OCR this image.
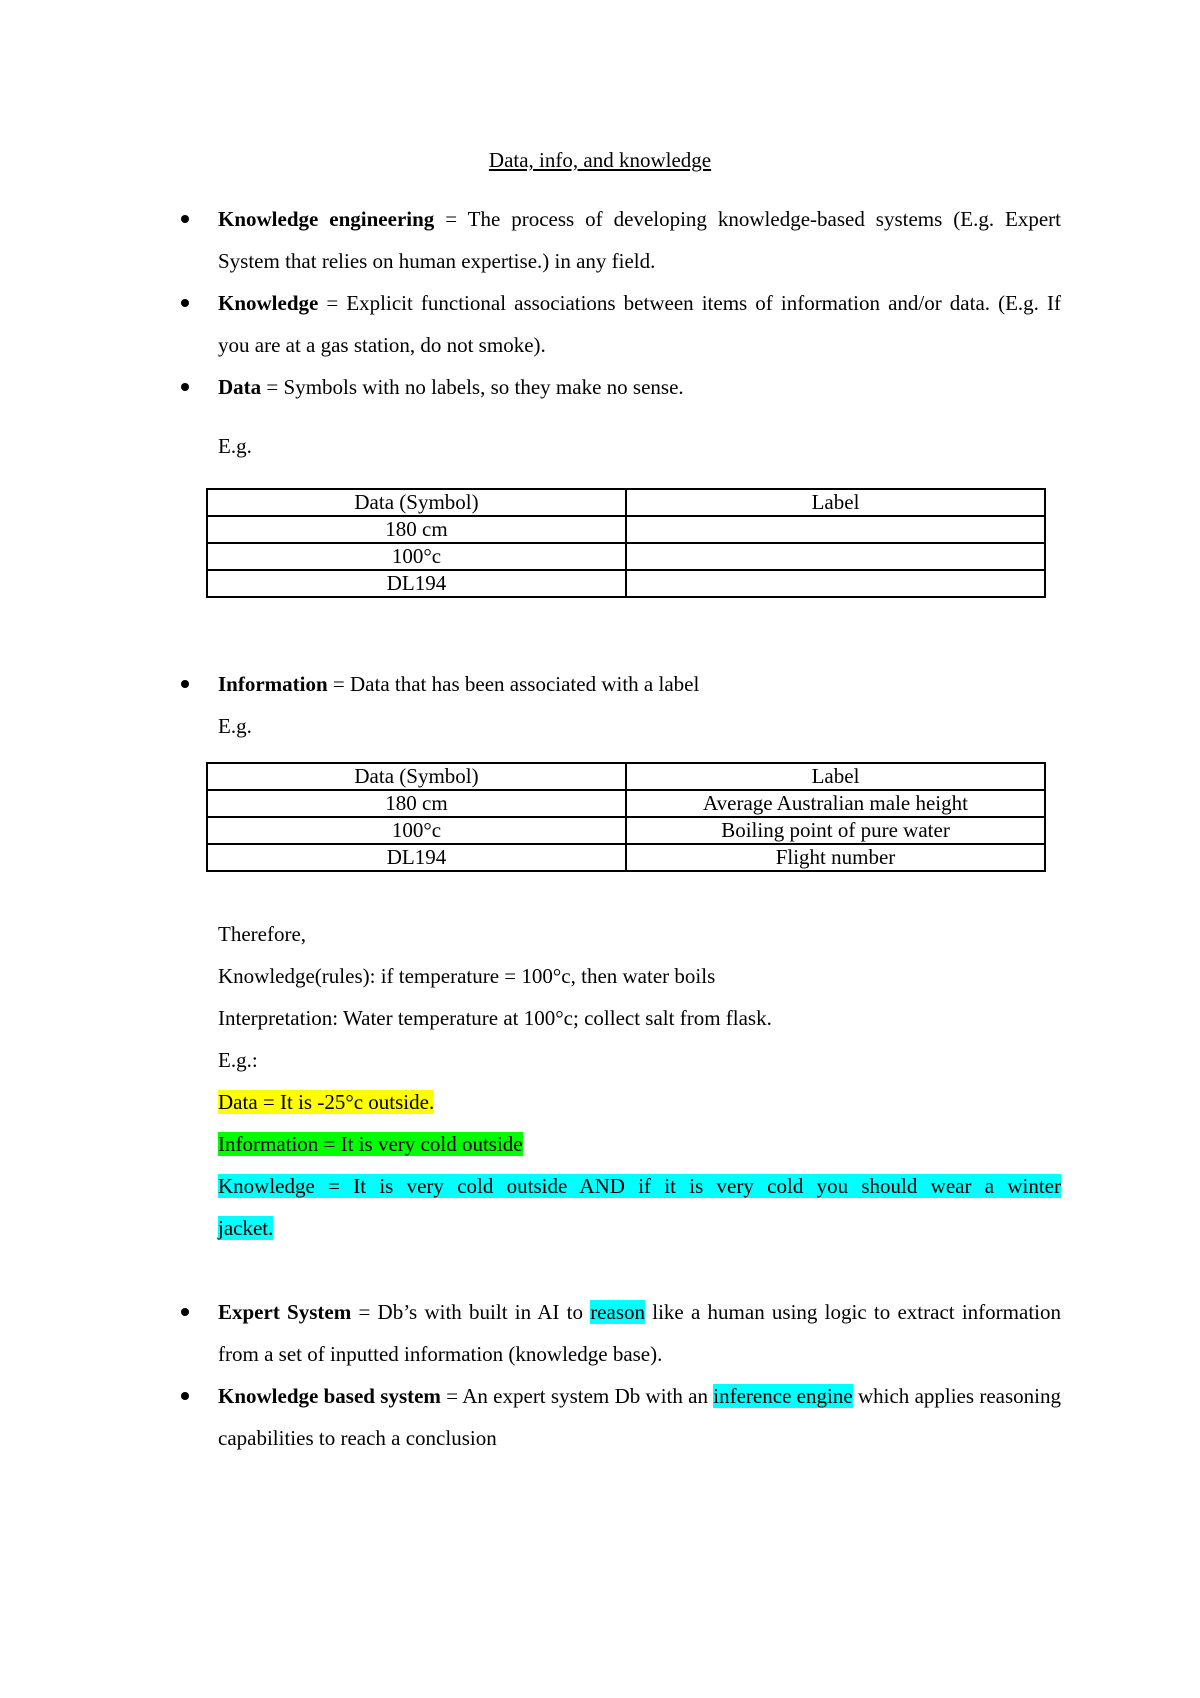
Data, info, and knowledge
Knowledge engineering = The process of developing knowledge-based systems (E.g. Expert System that relies on human expertise.) in any field.
Knowledge = Explicit functional associations between items of information and/or data. (E.g. If you are at a gas station, do not smoke).
Data = Symbols with no labels, so they make no sense.
E.g.
Data (Symbol)	Label
180 cm	
100°c	
DL194	
Information = Data that has been associated with a label
E.g.
Data (Symbol)	Label
180 cm	Average Australian male height
100°c	Boiling point of pure water
DL194	Flight number
Therefore,
Knowledge(rules): if temperature = 100°c, then water boils
Interpretation: Water temperature at 100°c; collect salt from flask.
E.g.:
Data = It is -25°c outside.
Information = It is very cold outside
Knowledge = It is very cold outside AND if it is very cold you should wear a winter
jacket.
Expert System = Db’s with built in AI to reason like a human using logic to extract information from a set of inputted information (knowledge base).
Knowledge based system = An expert system Db with an inference engine which applies reasoning capabilities to reach a conclusion
